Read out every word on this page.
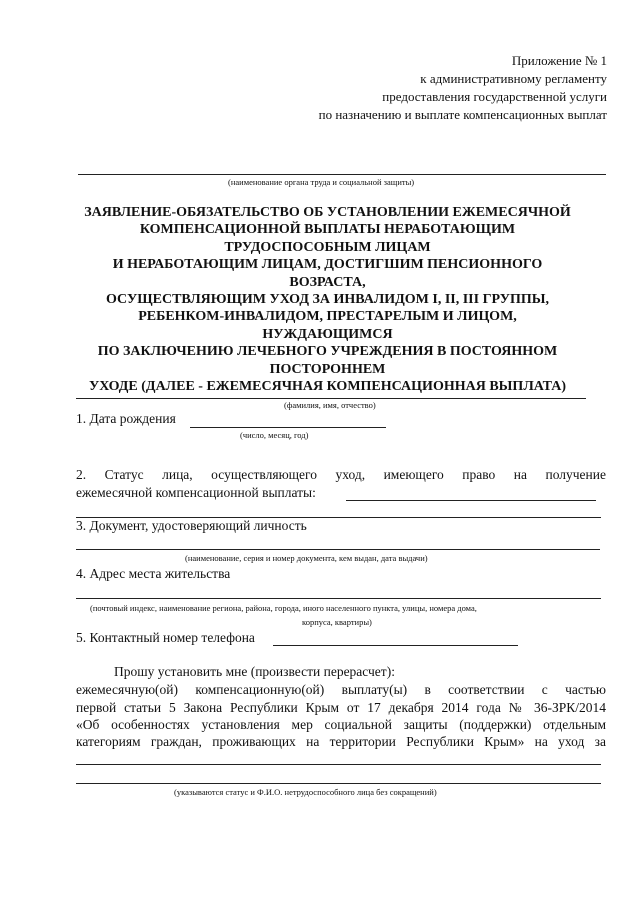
Приложение № 1
к административному регламенту
предоставления государственной услуги
по назначению и выплате компенсационных выплат
(наименование органа труда и социальной защиты)
ЗАЯВЛЕНИЕ-ОБЯЗАТЕЛЬСТВО ОБ УСТАНОВЛЕНИИ ЕЖЕМЕСЯЧНОЙ
КОМПЕНСАЦИОННОЙ ВЫПЛАТЫ НЕРАБОТАЮЩИМ
ТРУДОСПОСОБНЫМ ЛИЦАМ
И НЕРАБОТАЮЩИМ ЛИЦАМ, ДОСТИГШИМ ПЕНСИОННОГО
ВОЗРАСТА,
ОСУЩЕСТВЛЯЮЩИМ УХОД ЗА ИНВАЛИДОМ I, II, III ГРУППЫ,
РЕБЕНКОМ-ИНВАЛИДОМ, ПРЕСТАРЕЛЫМ И ЛИЦОМ,
НУЖДАЮЩИМСЯ
ПО ЗАКЛЮЧЕНИЮ ЛЕЧЕБНОГО УЧРЕЖДЕНИЯ В ПОСТОЯННОМ
ПОСТОРОННЕМ
УХОДЕ (ДАЛЕЕ - ЕЖЕМЕСЯЧНАЯ КОМПЕНСАЦИОННАЯ ВЫПЛАТА)
(фамилия, имя, отчество)
1. Дата рождения
(число, месяц, год)
2. Статус лица, осуществляющего уход, имеющего право на получение
ежемесячной компенсационной выплаты:
3. Документ, удостоверяющий личность
(наименование, серия и номер документа, кем выдан, дата выдачи)
4. Адрес места жительства
(почтовый индекс, наименование региона, района, города, иного населенного пункта, улицы, номера дома,
корпуса, квартиры)
5. Контактный номер телефона
Прошу установить мне (произвести перерасчет):
ежемесячную(ой) компенсационную(ой) выплату(ы) в соответствии с частью
первой статьи 5 Закона Республики Крым от 17 декабря 2014 года № 36-ЗРК/2014
«Об особенностях установления мер социальной защиты (поддержки) отдельным
категориям граждан, проживающих на территории Республики Крым» на уход за
(указываются статус и Ф.И.О. нетрудоспособного лица без сокращений)
